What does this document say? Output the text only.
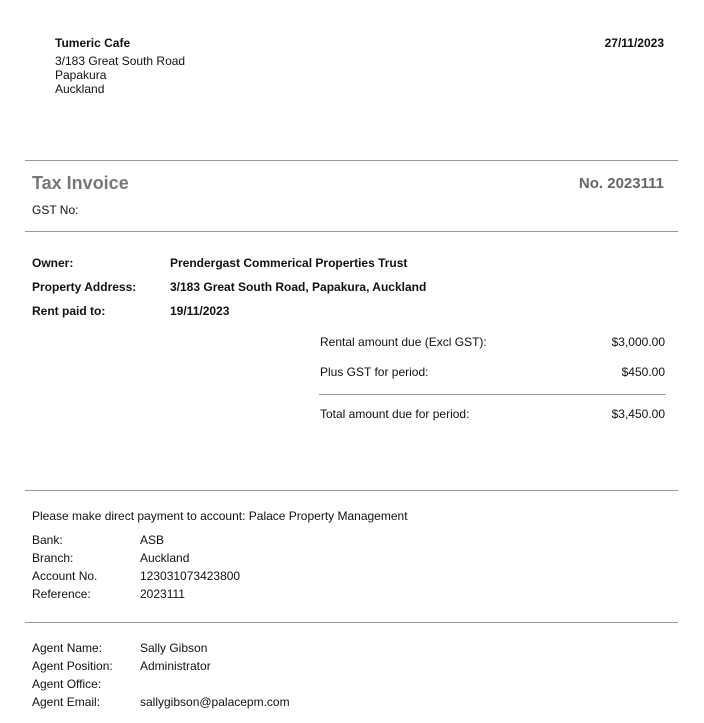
Tumeric Cafe
3/183 Great South Road
Papakura
Auckland
27/11/2023
Tax Invoice	No. 2023111
GST No:
Owner:	Prendergast Commerical Properties Trust
Property Address:	3/183 Great South Road, Papakura, Auckland
Rent paid to:	19/11/2023
Rental amount due (Excl GST):	$3,000.00
Plus GST for period:	$450.00
Total amount due for period:	$3,450.00
Please make direct payment to account: Palace Property Management
Bank:	ASB
Branch:	Auckland
Account No.	123031073423800
Reference:	2023111
Agent Name:	Sally Gibson
Agent Position: Administrator
Agent Office:
Agent Email:	sallygibson@palacepm.com
